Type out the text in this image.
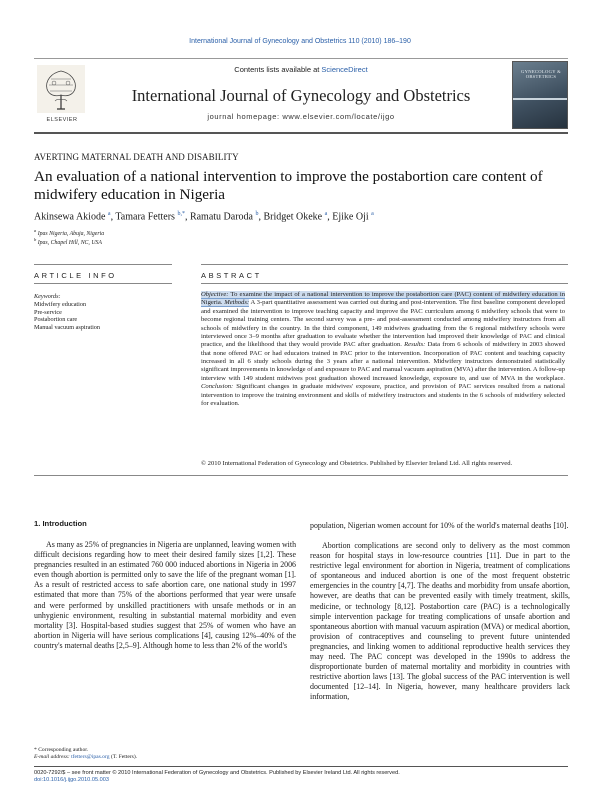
International Journal of Gynecology and Obstetrics 110 (2010) 186–190
ELSEVIER
Contents lists available at ScienceDirect
International Journal of Gynecology and Obstetrics
journal homepage: www.elsevier.com/locate/ijgo
GYNECOLOGY & OBSTETRICS
AVERTING MATERNAL DEATH AND DISABILITY
An evaluation of a national intervention to improve the postabortion care content of midwifery education in Nigeria
Akinsewa Akiode $^a$, Tamara Fetters $^{b,*}$, Ramatu Daroda $^b$, Bridget Okeke $^a$, Ejike Oji $^a$
$^a$ Ipas Nigeria, Abuja, Nigeria
$^b$ Ipas, Chapel Hill, NC, USA
ARTICLE INFO	ABSTRACT
Keywords:
Midwifery education
Pre-service
Postabortion care
Manual vacuum aspiration
Objective: To examine the impact of a national intervention to improve the postabortion care (PAC) content of midwifery education in Nigeria. Methods: A 3-part quantitative assessment was carried out during and post-intervention. The first baseline component developed and examined the intervention to improve teaching capacity and improve the PAC curriculum among 6 midwifery schools that were to become regional training centers. The second survey was a pre- and post-assessment conducted among midwifery instructors from all schools of midwifery in the country. In the third component, 149 midwives graduating from the 6 regional midwifery schools were interviewed once 3–9 months after graduation to evaluate whether the intervention had improved their knowledge of PAC and clinical practice, and the likelihood that they would provide PAC after graduation. Results: Data from 6 schools of midwifery in 2003 showed that none offered PAC or had educators trained in PAC prior to the intervention. Incorporation of PAC content and teaching capacity increased in all 6 study schools during the 3 years after a national intervention. Midwifery instructors demonstrated statistically significant improvements in knowledge of and exposure to PAC and manual vacuum aspiration (MVA) after the intervention. A follow-up interview with 149 student midwives post graduation showed increased knowledge, exposure to, and use of MVA in the workplace. Conclusion: Significant changes in graduate midwives' exposure, practice, and provision of PAC services resulted from a national intervention to improve the training environment and skills of midwifery instructors and students in the 6 schools of midwifery selected for evaluation.
© 2010 International Federation of Gynecology and Obstetrics. Published by Elsevier Ireland Ltd. All rights reserved.
1. Introduction
As many as 25% of pregnancies in Nigeria are unplanned, leaving women with difficult decisions regarding how to meet their desired family sizes [1,2]. These pregnancies resulted in an estimated 760 000 induced abortions in Nigeria in 2006 even though abortion is permitted only to save the life of the pregnant woman [1]. As a result of restricted access to safe abortion care, one national study in 1997 estimated that more than 75% of the abortions performed that year were unsafe and were performed by unskilled practitioners with unsafe methods or in an unhygienic environment, resulting in substantial maternal morbidity and even mortality [3]. Hospital-based studies suggest that 25% of women who have an abortion in Nigeria will have serious complications [4], causing 12%–40% of the country's maternal deaths [2,5–9]. Although home to less than 2% of the world's
population, Nigerian women account for 10% of the world's maternal deaths [10].
Abortion complications are second only to delivery as the most common reason for hospital stays in low-resource countries [11]. Due in part to the restrictive legal environment for abortion in Nigeria, treatment of complications of spontaneous and induced abortion is one of the most frequent obstetric emergencies in the country [4,7]. The deaths and morbidity from unsafe abortion, however, are deaths that can be prevented easily with timely treatment, skills, medicine, or technology [8,12]. Postabortion care (PAC) is a technologically simple intervention package for treating complications of unsafe abortion and spontaneous abortion with manual vacuum aspiration (MVA) or medical abortion, provision of contraceptives and counseling to prevent future unintended pregnancies, and linking women to additional reproductive health services they may need. The PAC concept was developed in the 1990s to address the disproportionate burden of maternal mortality and morbidity in countries with restrictive abortion laws [13]. The global success of the PAC intervention is well documented [12–14]. In Nigeria, however, many healthcare providers lack information,
* Corresponding author.
E-mail address: tfetters@ipas.org (T. Fetters).
0020-7292/$ – see front matter © 2010 International Federation of Gynecology and Obstetrics. Published by Elsevier Ireland Ltd. All rights reserved.
doi:10.1016/j.ijgo.2010.05.003
